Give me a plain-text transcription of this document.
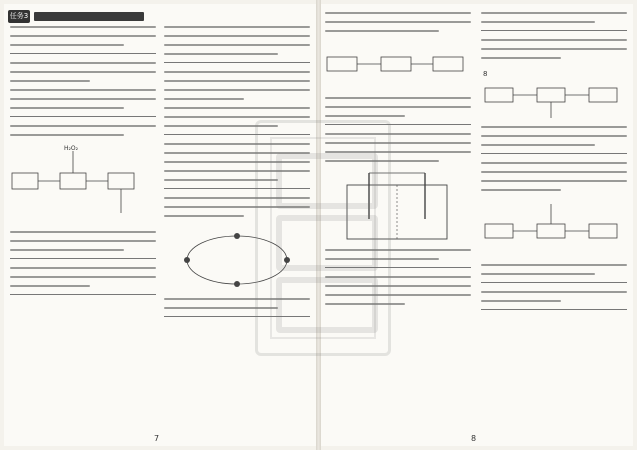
任务3
H₂O₂
7
8
8
